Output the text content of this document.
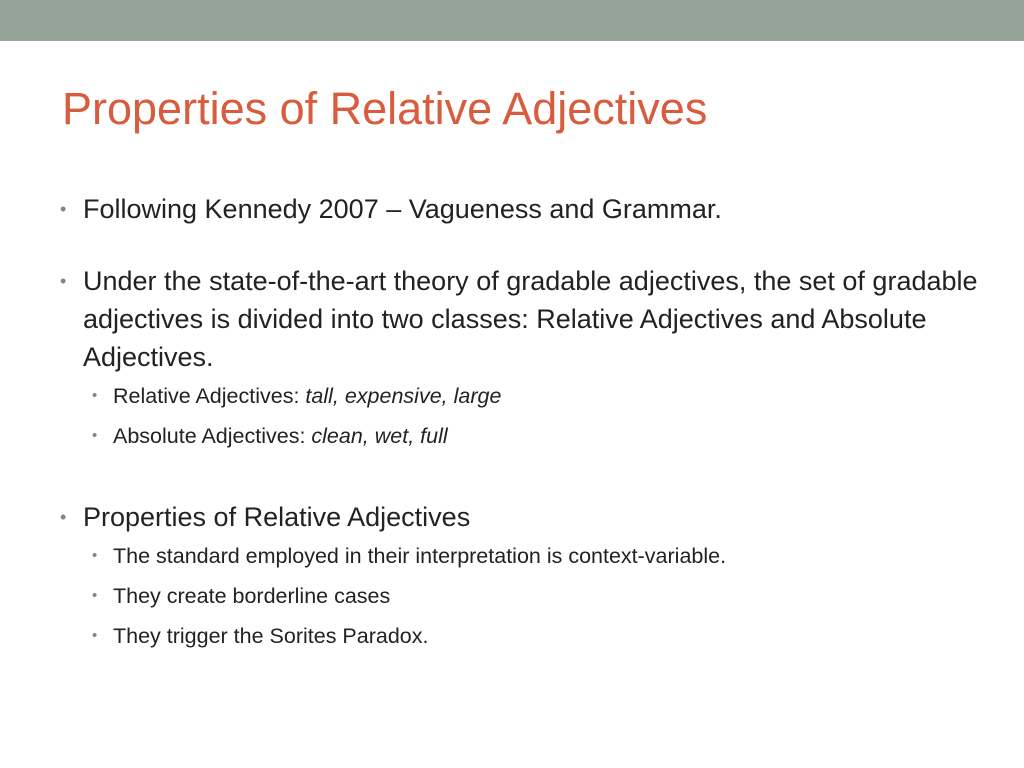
Properties of Relative Adjectives
• Following Kennedy 2007 – Vagueness and Grammar.
• Under the state-of-the-art theory of gradable adjectives, the set of gradable adjectives is divided into two classes: Relative Adjectives and Absolute Adjectives.
• Relative Adjectives: tall, expensive, large
• Absolute Adjectives: clean, wet, full
• Properties of Relative Adjectives
• The standard employed in their interpretation is context-variable.
• They create borderline cases
• They trigger the Sorites Paradox.
